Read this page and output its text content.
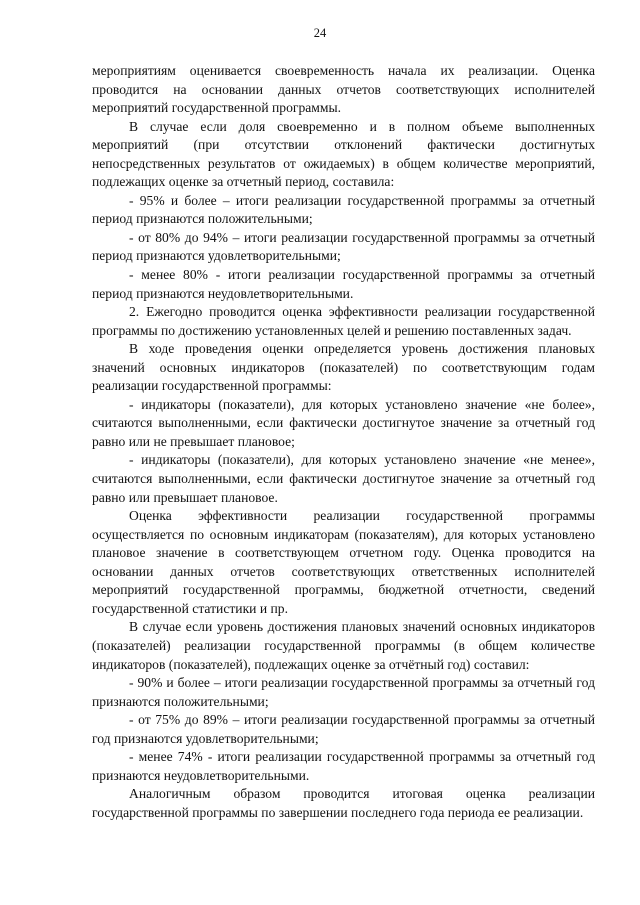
24

мероприятиям оценивается своевременность начала их реализации. Оценка проводится на основании данных отчетов соответствующих исполнителей мероприятий государственной программы.

В случае если доля своевременно и в полном объеме выполненных мероприятий (при отсутствии отклонений фактически достигнутых непосредственных результатов от ожидаемых) в общем количестве мероприятий, подлежащих оценке за отчетный период, составила:

- 95% и более – итоги реализации государственной программы за отчетный период признаются положительными;

- от 80% до 94% – итоги реализации государственной программы за отчетный период признаются удовлетворительными;

- менее 80% - итоги реализации государственной программы за отчетный период признаются неудовлетворительными.

2. Ежегодно проводится оценка эффективности реализации государственной программы по достижению установленных целей и решению поставленных задач.

В ходе проведения оценки определяется уровень достижения плановых значений основных индикаторов (показателей) по соответствующим годам реализации государственной программы:

- индикаторы (показатели), для которых установлено значение «не более», считаются выполненными, если фактически достигнутое значение за отчетный год равно или не превышает плановое;

- индикаторы (показатели), для которых установлено значение «не менее», считаются выполненными, если фактически достигнутое значение за отчетный год равно или превышает плановое.

Оценка эффективности реализации государственной программы осуществляется по основным индикаторам (показателям), для которых установлено плановое значение в соответствующем отчетном году. Оценка проводится на основании данных отчетов соответствующих ответственных исполнителей мероприятий государственной программы, бюджетной отчетности, сведений государственной статистики и пр.

В случае если уровень достижения плановых значений основных индикаторов (показателей) реализации государственной программы (в общем количестве индикаторов (показателей), подлежащих оценке за отчётный год) составил:

- 90% и более – итоги реализации государственной программы за отчетный год признаются положительными;

- от 75% до 89% – итоги реализации государственной программы за отчетный год признаются удовлетворительными;

- менее 74% - итоги реализации государственной программы за отчетный год признаются неудовлетворительными.

Аналогичным образом проводится итоговая оценка реализации государственной программы по завершении последнего года периода ее реализации.
